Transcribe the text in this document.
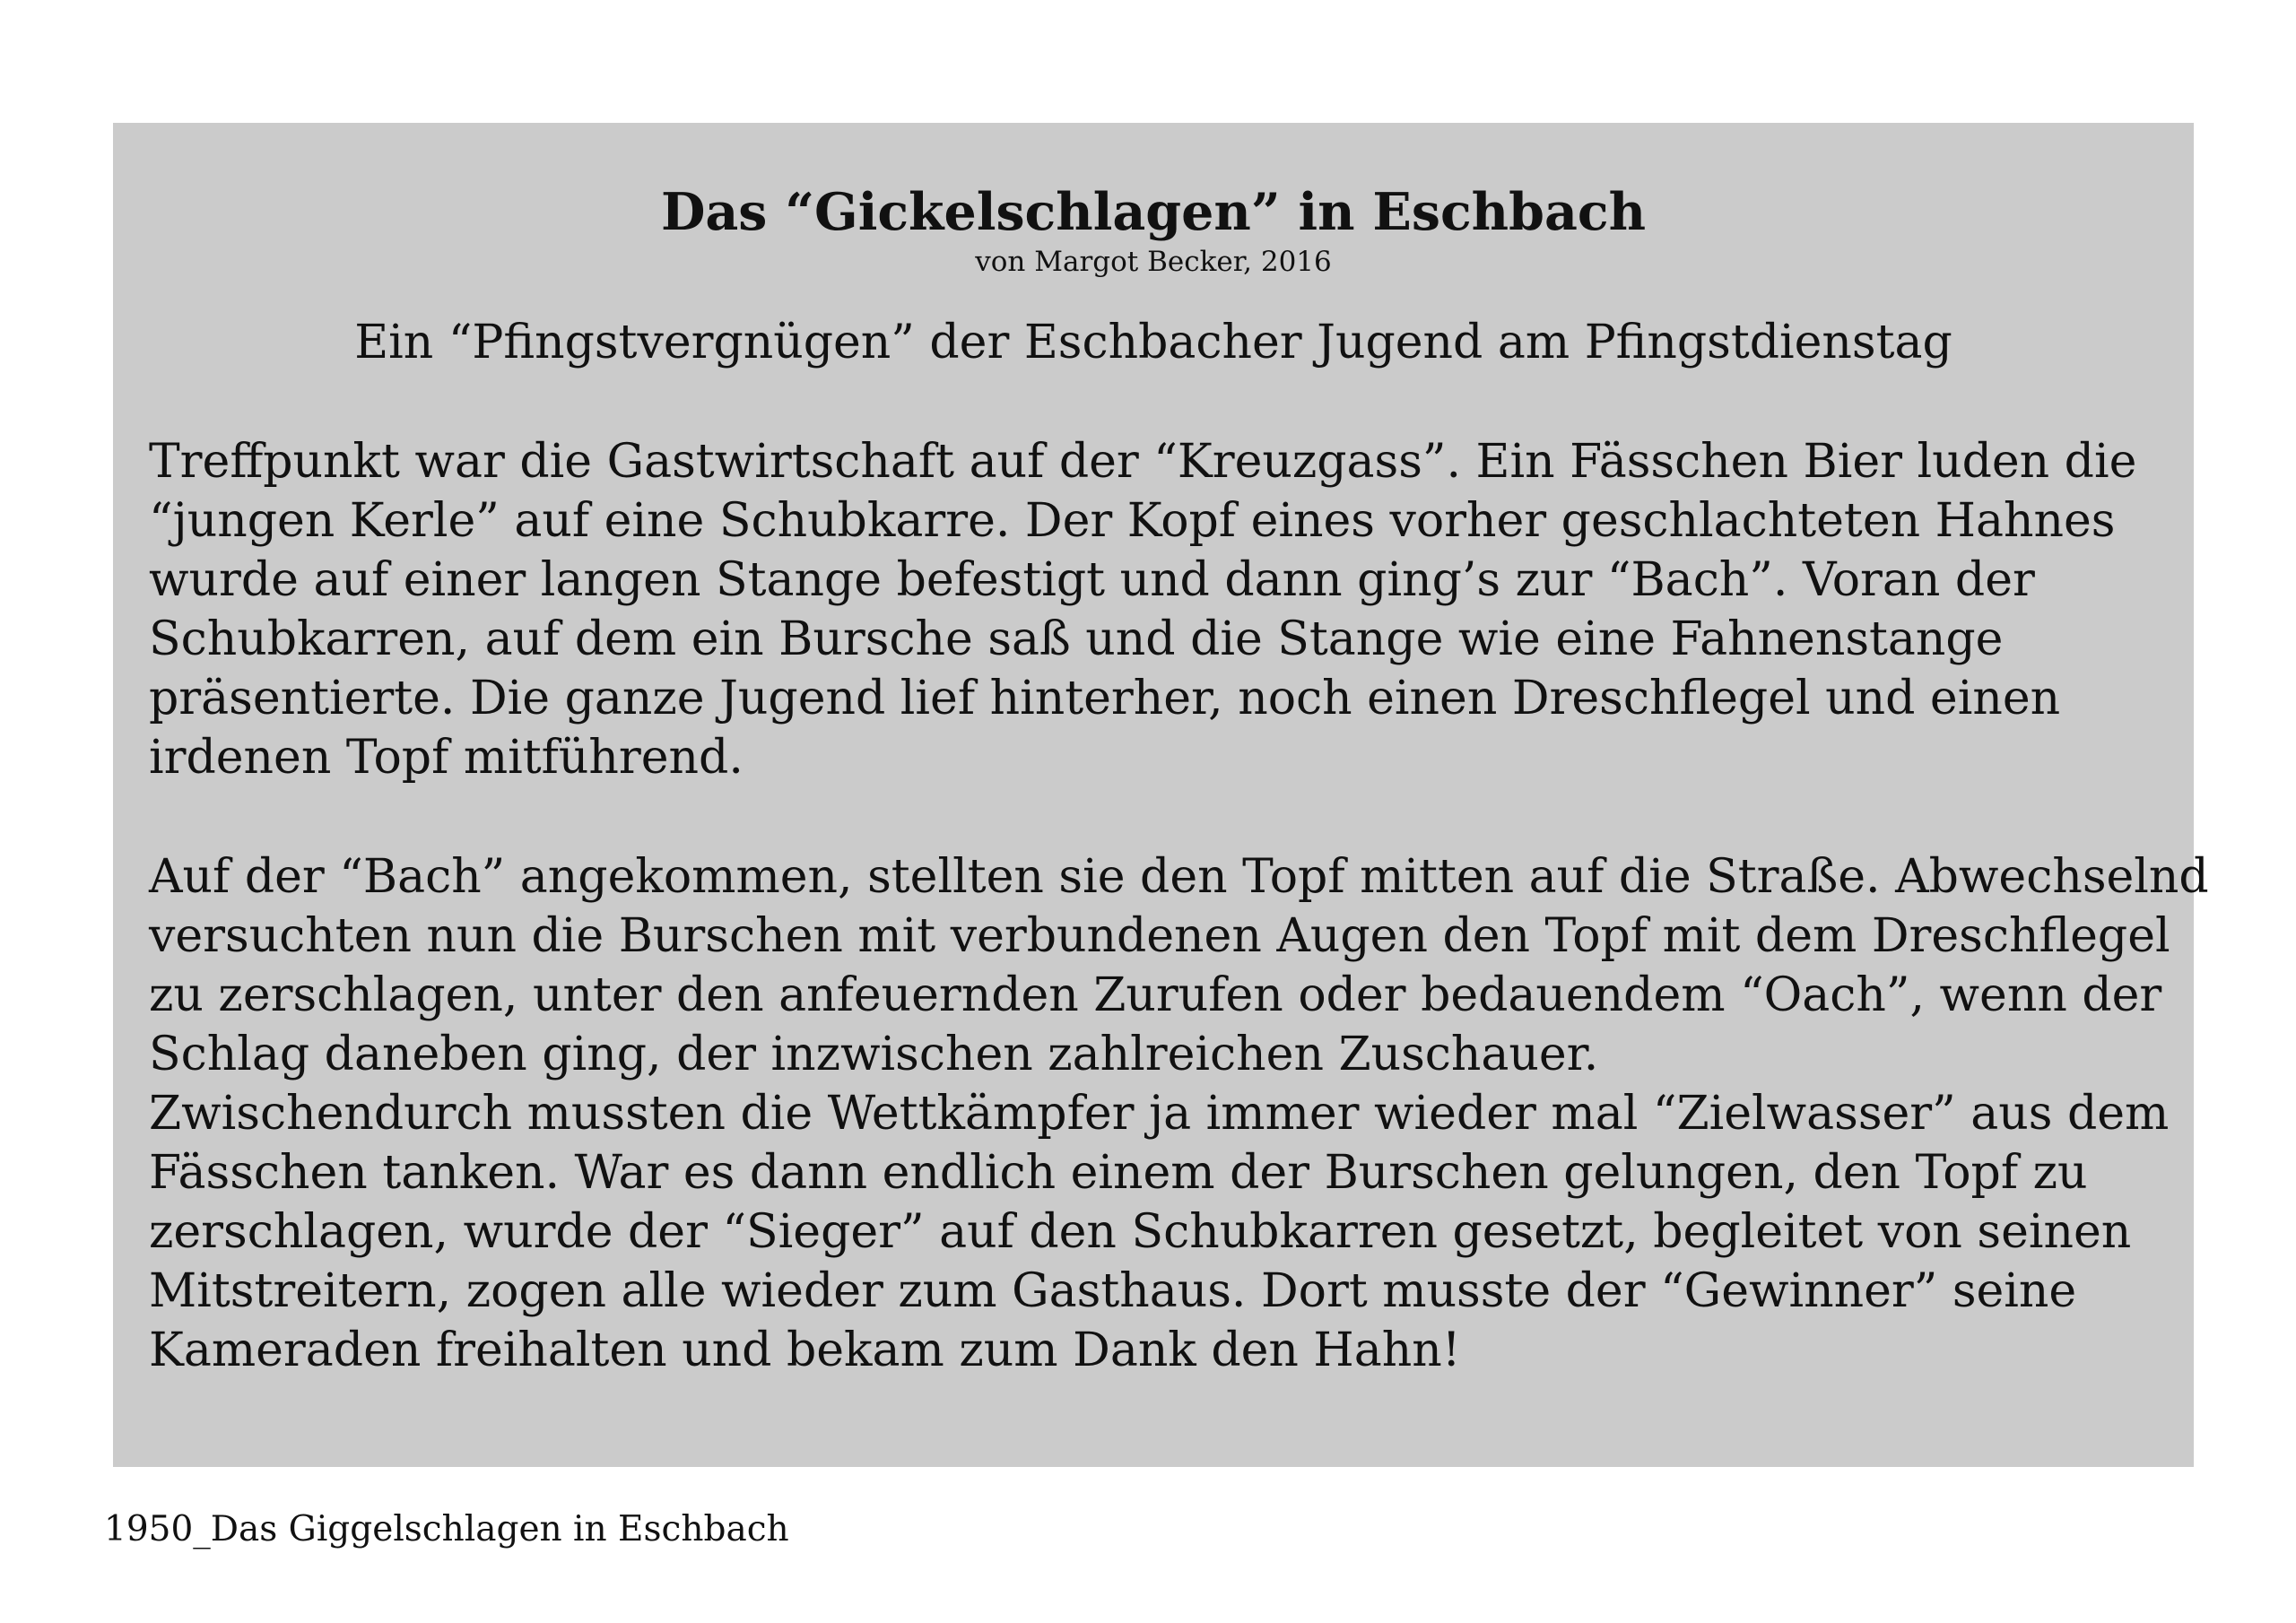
Das “Gickelschlagen” in Eschbach
von Margot Becker, 2016
Ein “Pfingstvergnügen” der Eschbacher Jugend am Pfingstdienstag
Treffpunkt war die Gastwirtschaft auf der “Kreuzgass”. Ein Fässchen Bier luden die
“jungen Kerle” auf eine Schubkarre. Der Kopf eines vorher geschlachteten Hahnes
wurde auf einer langen Stange befestigt und dann ging’s zur “Bach”. Voran der
Schubkarren, auf dem ein Bursche saß und die Stange wie eine Fahnenstange
präsentierte. Die ganze Jugend lief hinterher, noch einen Dreschflegel und einen
irdenen Topf mitführend.
Auf der “Bach” angekommen, stellten sie den Topf mitten auf die Straße. Abwechselnd
versuchten nun die Burschen mit verbundenen Augen den Topf mit dem Dreschflegel
zu zerschlagen, unter den anfeuernden Zurufen oder bedauendem “Oach”, wenn der
Schlag daneben ging, der inzwischen zahlreichen Zuschauer.
Zwischendurch mussten die Wettkämpfer ja immer wieder mal “Zielwasser” aus dem
Fässchen tanken. War es dann endlich einem der Burschen gelungen, den Topf zu
zerschlagen, wurde der “Sieger” auf den Schubkarren gesetzt, begleitet von seinen
Mitstreitern, zogen alle wieder zum Gasthaus. Dort musste der “Gewinner” seine
Kameraden freihalten und bekam zum Dank den Hahn!
1950_Das Giggelschlagen in Eschbach
